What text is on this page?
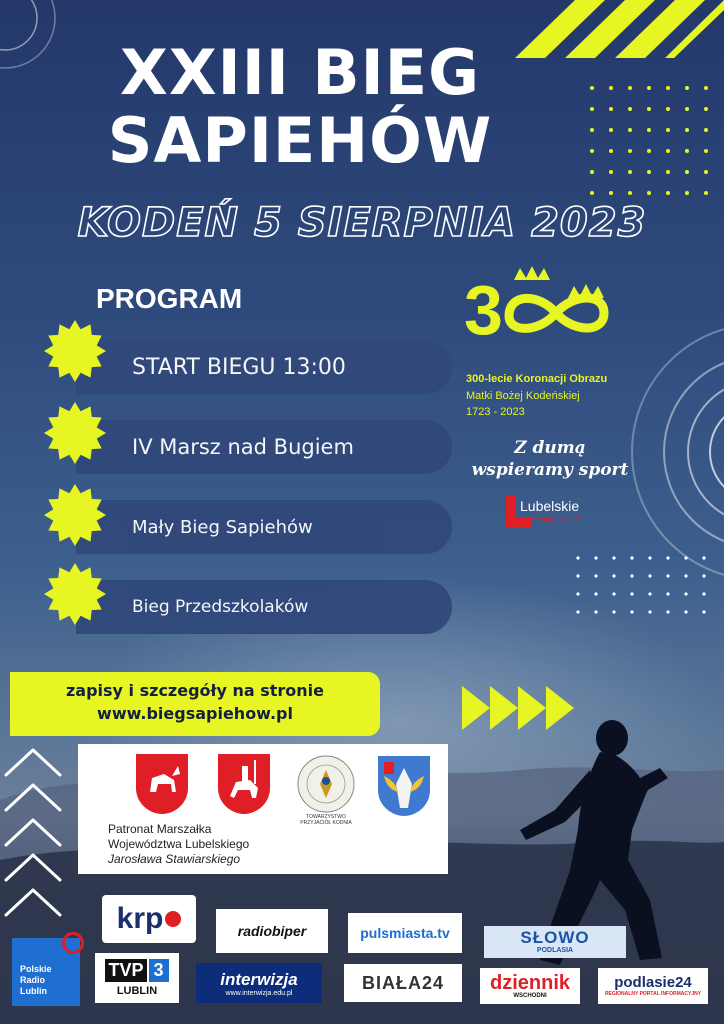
XXIII BIEG
SAPIEHÓW
KODEŃ 5 SIERPNIA 2023
PROGRAM
START BIEGU 13:00
IV Marsz nad Bugiem
Mały Bieg Sapiehów
Bieg Przedszkolaków
3
300-lecie Koronacji Obrazu
Matki Bożej Kodeńskiej
1723 - 2023
Z dumą
wspieramy sport
Lubelskie
Smakuj życie!
zapisy i szczegóły na stronie
www.biegsapiehow.pl
TOWARZYSTWO PRZYJACIÓŁ KODNIA
Patronat Marszałka
Województwa Lubelskiego
Jarosława Stawiarskiego
krp	radiobiper	pulsmiasta.tv	SŁOWO
PODLASIA
Polskie
Radio
Lublin
TVP 3
LUBLIN
interwizja
www.interwizja.edu.pl
BIAŁA24 dziennik
WSCHODNI
podlasie24
REGIONALNY PORTAL INFORMACYJNY
